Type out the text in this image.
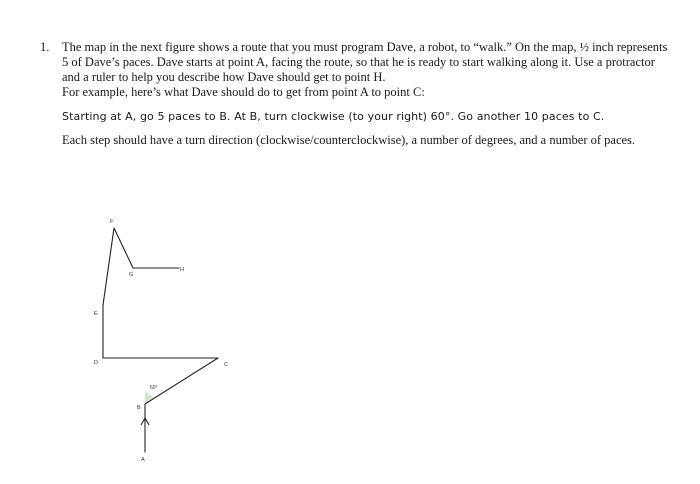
1.	The map in the next figure shows a route that you must program Dave, a robot, to “walk.” On the map, ½ inch represents 5 of Dave’s paces. Dave starts at point A, facing the route, so that he is ready to start walking along it. Use a protractor and a ruler to help you describe how Dave should get to point H.

For example, here’s what Dave should do to get from point A to point C:

Starting at A, go 5 paces to B. At B, turn clockwise (to your right) 60°. Go another 10 paces to C.

Each step should have a turn direction (clockwise/counterclockwise), a number of degrees, and a number of paces.

A
B
C
D
E
F
G
H
60°
